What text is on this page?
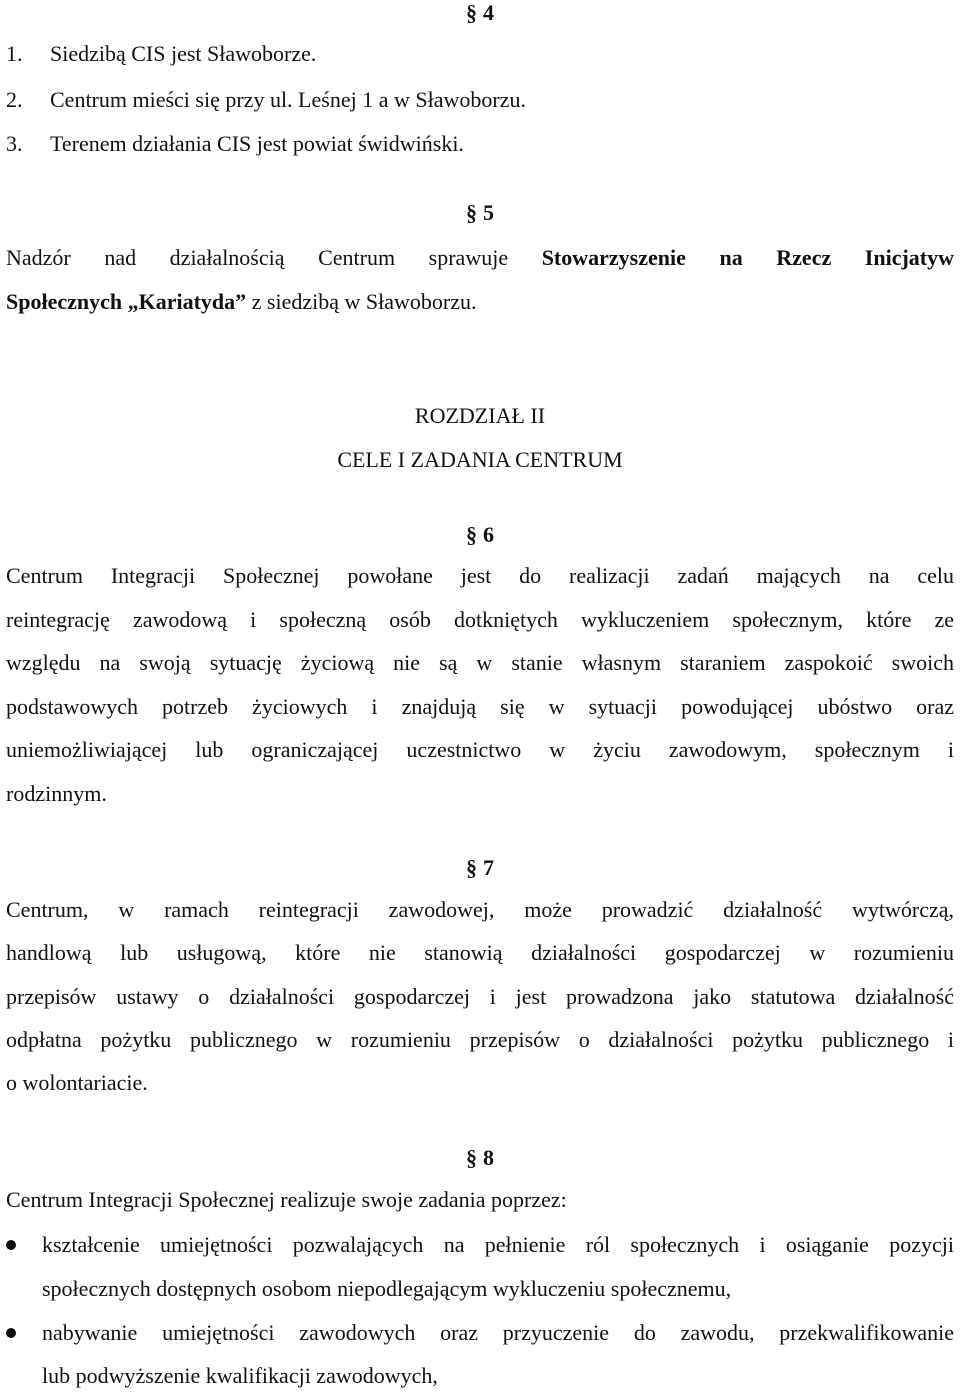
§ 4
1. Siedzibą CIS jest Sławoborze.
2. Centrum mieści się przy ul. Leśnej 1 a w Sławoborzu.
3. Terenem działania CIS jest powiat świdwiński.
§ 5
Nadzór nad działalnością Centrum sprawuje Stowarzyszenie na Rzecz Inicjatyw
Społecznych „Kariatyda” z siedzibą w Sławoborzu.
ROZDZIAŁ II
CELE I ZADANIA CENTRUM
§ 6
Centrum Integracji Społecznej powołane jest do realizacji zadań mających na celu
reintegrację zawodową i społeczną osób dotkniętych wykluczeniem społecznym, które ze
względu na swoją sytuację życiową nie są w stanie własnym staraniem zaspokoić swoich
podstawowych potrzeb życiowych i znajdują się w sytuacji powodującej ubóstwo oraz
uniemożliwiającej lub ograniczającej uczestnictwo w życiu zawodowym, społecznym i
rodzinnym.
§ 7
Centrum, w ramach reintegracji zawodowej, może prowadzić działalność wytwórczą,
handlową lub usługową, które nie stanowią działalności gospodarczej w rozumieniu
przepisów ustawy o działalności gospodarczej i jest prowadzona jako statutowa działalność
odpłatna pożytku publicznego w rozumieniu przepisów o działalności pożytku publicznego i
o wolontariacie.
§ 8
Centrum Integracji Społecznej realizuje swoje zadania poprzez:
kształcenie umiejętności pozwalających na pełnienie ról społecznych i osiąganie pozycji
społecznych dostępnych osobom niepodlegającym wykluczeniu społecznemu,
nabywanie umiejętności zawodowych oraz przyuczenie do zawodu, przekwalifikowanie
lub podwyższenie kwalifikacji zawodowych,
